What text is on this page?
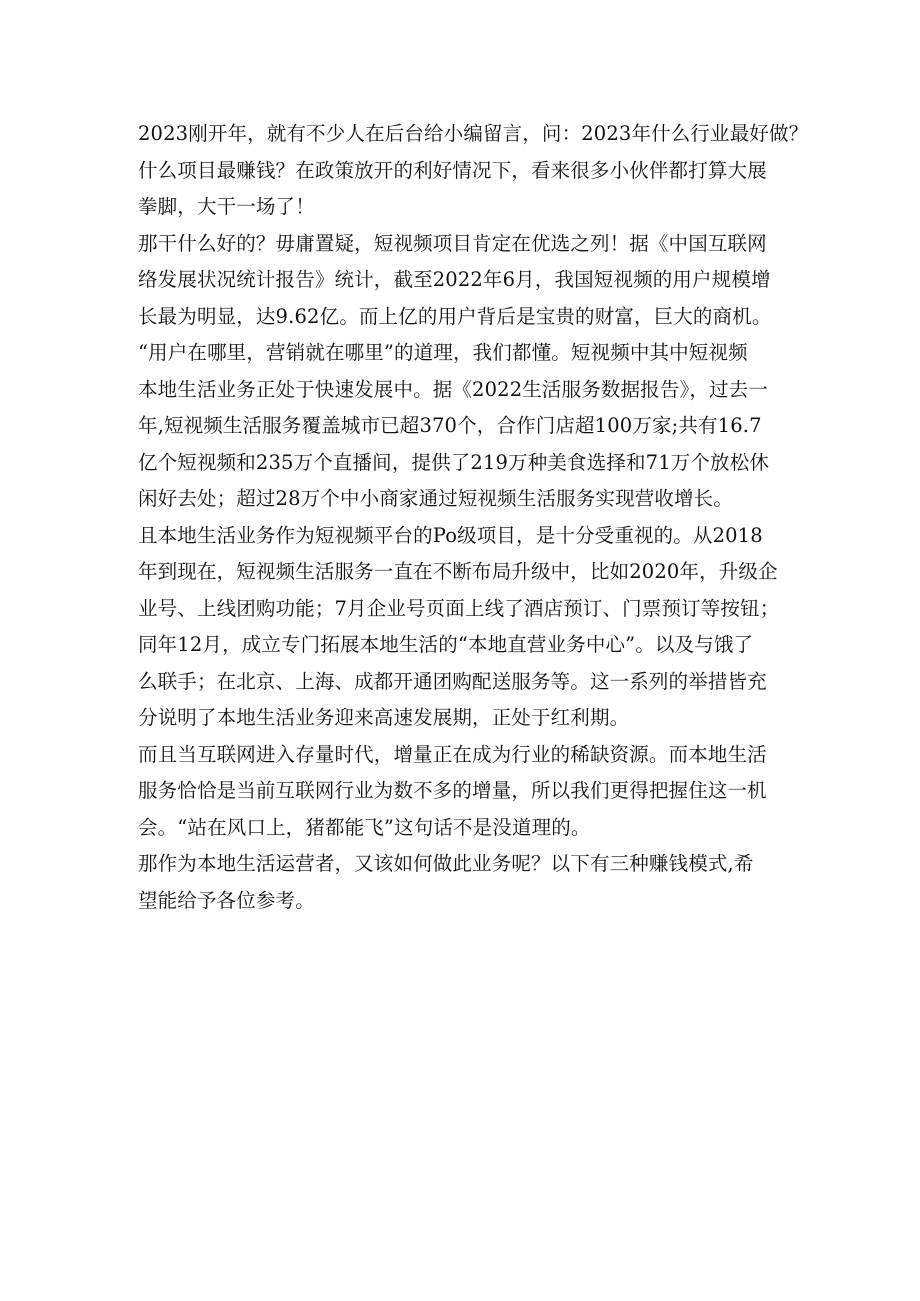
2023刚开年，就有不少人在后台给小编留言，问：2023年什么行业最好做？
什么项目最赚钱？在政策放开的利好情况下，看来很多小伙伴都打算大展
拳脚，大干一场了！
那干什么好的？毋庸置疑，短视频项目肯定在优选之列！据《中国互联网
络发展状况统计报告》统计，截至2022年6月，我国短视频的用户规模增
长最为明显，达9.62亿。而上亿的用户背后是宝贵的财富，巨大的商机。
“用户在哪里，营销就在哪里”的道理，我们都懂。短视频中其中短视频
本地生活业务正处于快速发展中。据《2022生活服务数据报告》，过去一
年,短视频生活服务覆盖城市已超370个，合作门店超100万家;共有16.7
亿个短视频和235万个直播间，提供了219万种美食选择和71万个放松休
闲好去处；超过28万个中小商家通过短视频生活服务实现营收增长。
且本地生活业务作为短视频平台的Po级项目，是十分受重视的。从2018
年到现在，短视频生活服务一直在不断布局升级中，比如2020年，升级企
业号、上线团购功能；7月企业号页面上线了酒店预订、门票预订等按钮；
同年12月，成立专门拓展本地生活的“本地直营业务中心”。以及与饿了
么联手；在北京、上海、成都开通团购配送服务等。这一系列的举措皆充
分说明了本地生活业务迎来高速发展期，正处于红利期。
而且当互联网进入存量时代，增量正在成为行业的稀缺资源。而本地生活
服务恰恰是当前互联网行业为数不多的增量，所以我们更得把握住这一机
会。“站在风口上，猪都能飞”这句话不是没道理的。
那作为本地生活运营者，又该如何做此业务呢？以下有三种赚钱模式,希
望能给予各位参考。
